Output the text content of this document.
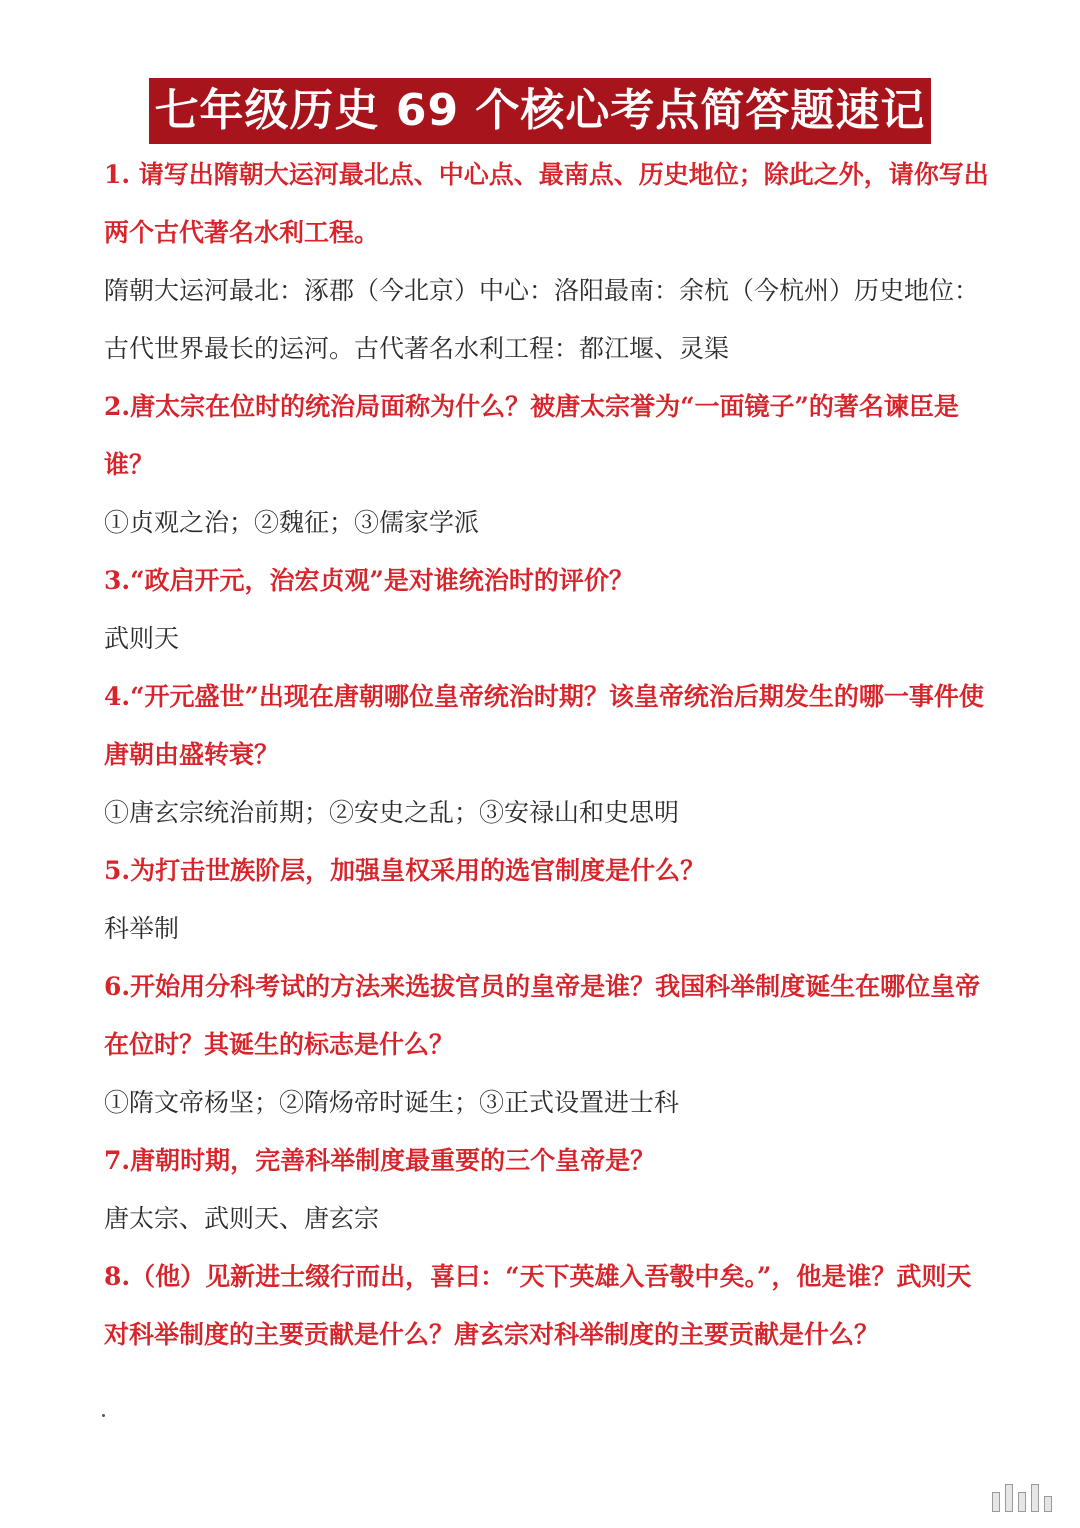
七年级历史 69 个核心考点简答题速记

1. 请写出隋朝大运河最北点、中心点、最南点、历史地位；除此之外，请你写出两个古代著名水利工程。

隋朝大运河最北：涿郡（今北京）中心：洛阳最南：余杭（今杭州）历史地位：古代世界最长的运河。古代著名水利工程：都江堰、灵渠

2.唐太宗在位时的统治局面称为什么？被唐太宗誉为“一面镜子”的著名谏臣是谁？

①贞观之治；②魏征；③儒家学派

3.“政启开元，治宏贞观”是对谁统治时的评价？

武则天

4.“开元盛世”出现在唐朝哪位皇帝统治时期？该皇帝统治后期发生的哪一事件使唐朝由盛转衰？

①唐玄宗统治前期；②安史之乱；③安禄山和史思明

5.为打击世族阶层，加强皇权采用的选官制度是什么？

科举制

6.开始用分科考试的方法来选拔官员的皇帝是谁？我国科举制度诞生在哪位皇帝在位时？其诞生的标志是什么？

①隋文帝杨坚；②隋炀帝时诞生；③正式设置进士科

7.唐朝时期，完善科举制度最重要的三个皇帝是？

唐太宗、武则天、唐玄宗

8.（他）见新进士缀行而出，喜曰：“天下英雄入吾彀中矣。”，他是谁？武则天对科举制度的主要贡献是什么？唐玄宗对科举制度的主要贡献是什么？
